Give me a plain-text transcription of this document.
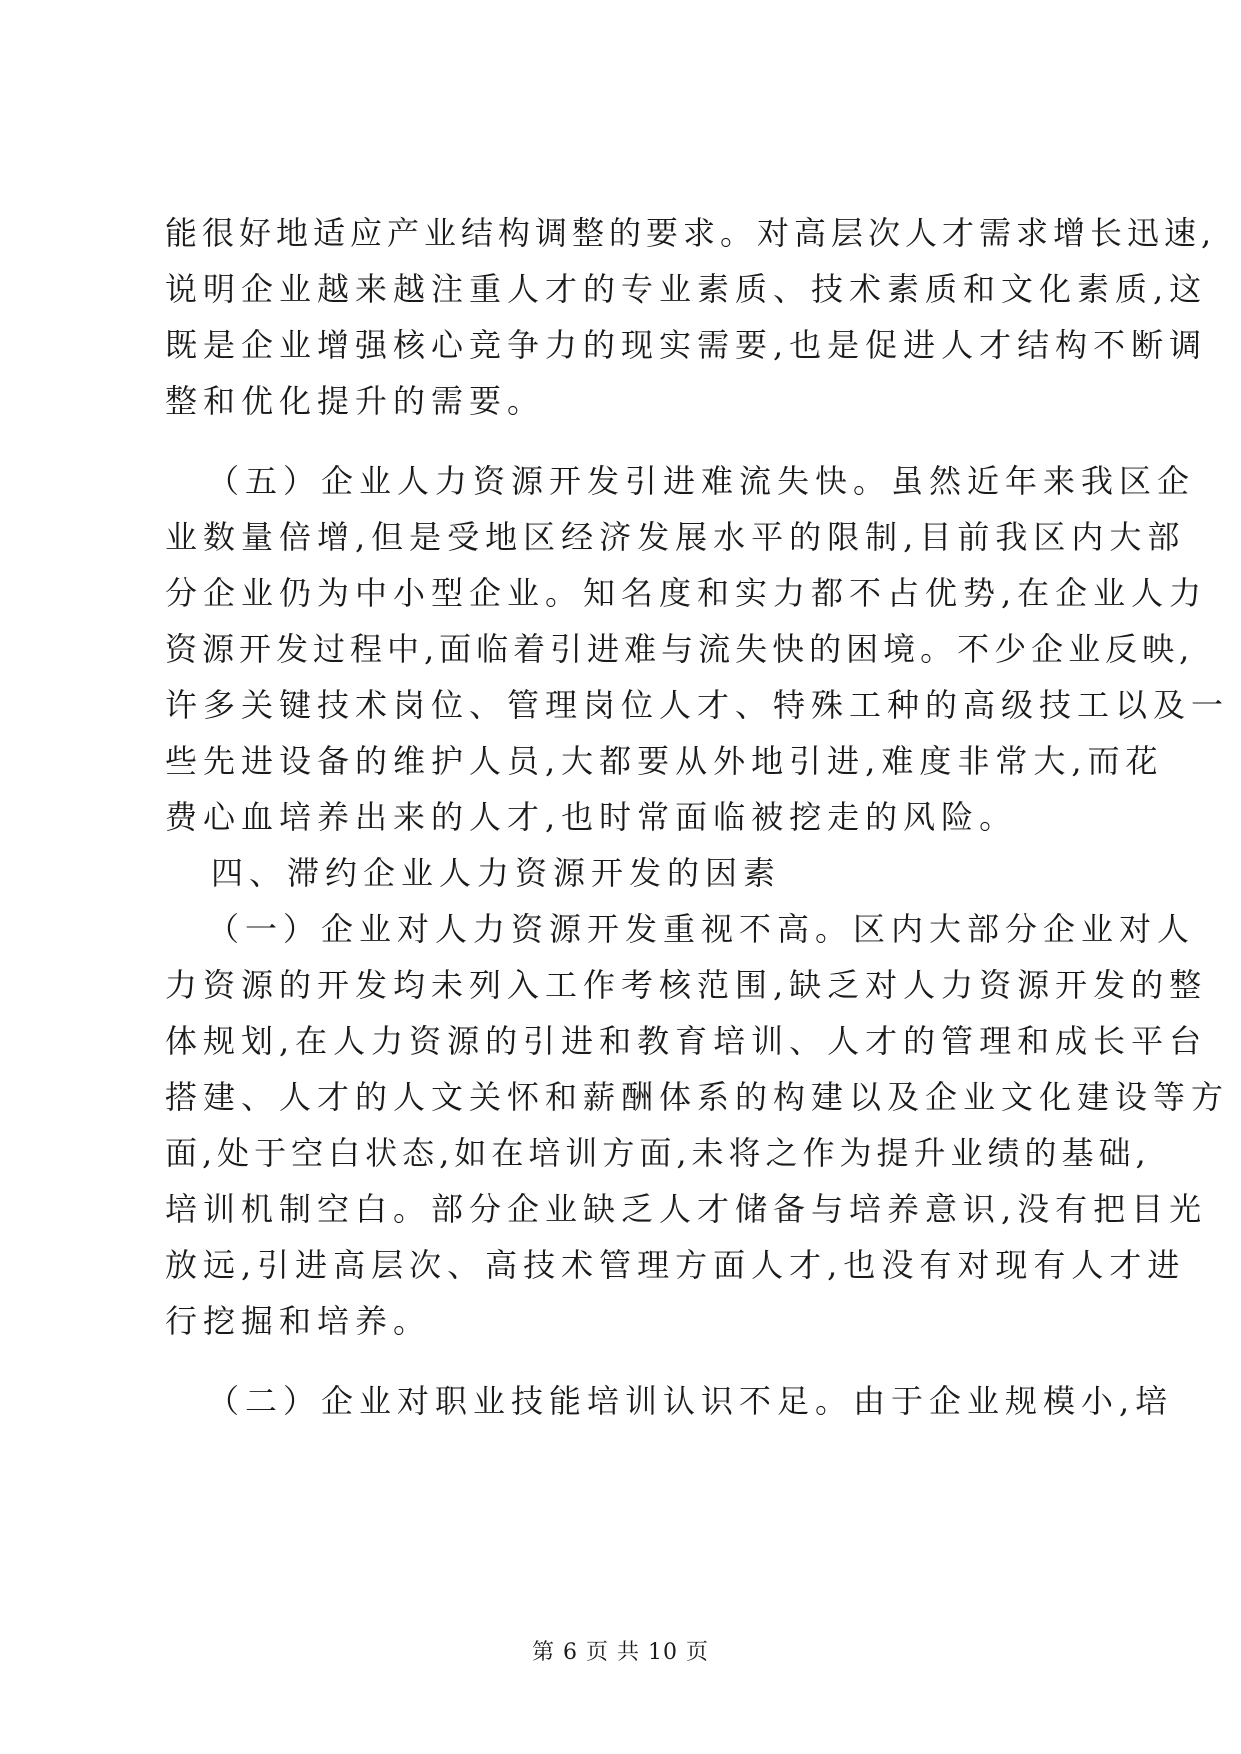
能很好地适应产业结构调整的要求。对高层次人才需求增长迅速,
说明企业越来越注重人才的专业素质、技术素质和文化素质,这
既是企业增强核心竞争力的现实需要,也是促进人才结构不断调
整和优化提升的需要。
（五）企业人力资源开发引进难流失快。虽然近年来我区企
业数量倍增,但是受地区经济发展水平的限制,目前我区内大部
分企业仍为中小型企业。知名度和实力都不占优势,在企业人力
资源开发过程中,面临着引进难与流失快的困境。不少企业反映,
许多关键技术岗位、管理岗位人才、特殊工种的高级技工以及一
些先进设备的维护人员,大都要从外地引进,难度非常大,而花
费心血培养出来的人才,也时常面临被挖走的风险。
四、滞约企业人力资源开发的因素
（一）企业对人力资源开发重视不高。区内大部分企业对人
力资源的开发均未列入工作考核范围,缺乏对人力资源开发的整
体规划,在人力资源的引进和教育培训、人才的管理和成长平台
搭建、人才的人文关怀和薪酬体系的构建以及企业文化建设等方
面,处于空白状态,如在培训方面,未将之作为提升业绩的基础,
培训机制空白。部分企业缺乏人才储备与培养意识,没有把目光
放远,引进高层次、高技术管理方面人才,也没有对现有人才进
行挖掘和培养。
（二）企业对职业技能培训认识不足。由于企业规模小,培
第 6 页 共 10 页
